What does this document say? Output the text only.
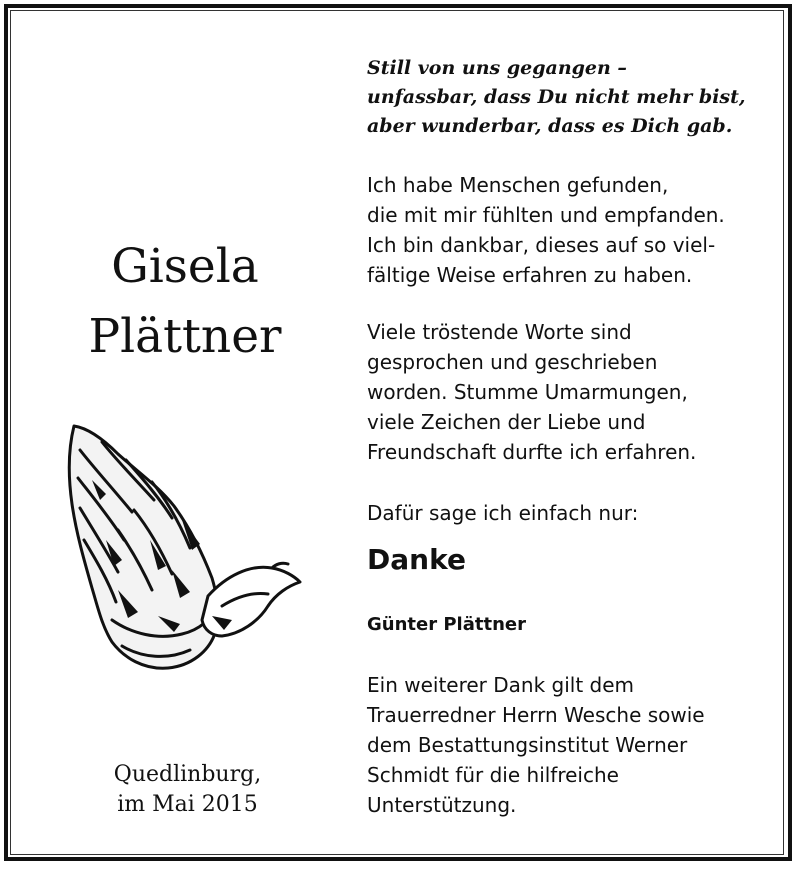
Gisela
Plättner
Quedlinburg,
im Mai 2015
Still von uns gegangen –
unfassbar, dass Du nicht mehr bist,
aber wunderbar, dass es Dich gab.
Ich habe Menschen gefunden,
die mit mir fühlten und empfanden.
Ich bin dankbar, dieses auf so viel-
fältige Weise erfahren zu haben.
Viele tröstende Worte sind
gesprochen und geschrieben
worden. Stumme Umarmungen,
viele Zeichen der Liebe und
Freundschaft durfte ich erfahren.
Dafür sage ich einfach nur:
Danke
Günter Plättner
Ein weiterer Dank gilt dem
Trauerredner Herrn Wesche sowie
dem Bestattungsinstitut Werner
Schmidt für die hilfreiche
Unterstützung.
